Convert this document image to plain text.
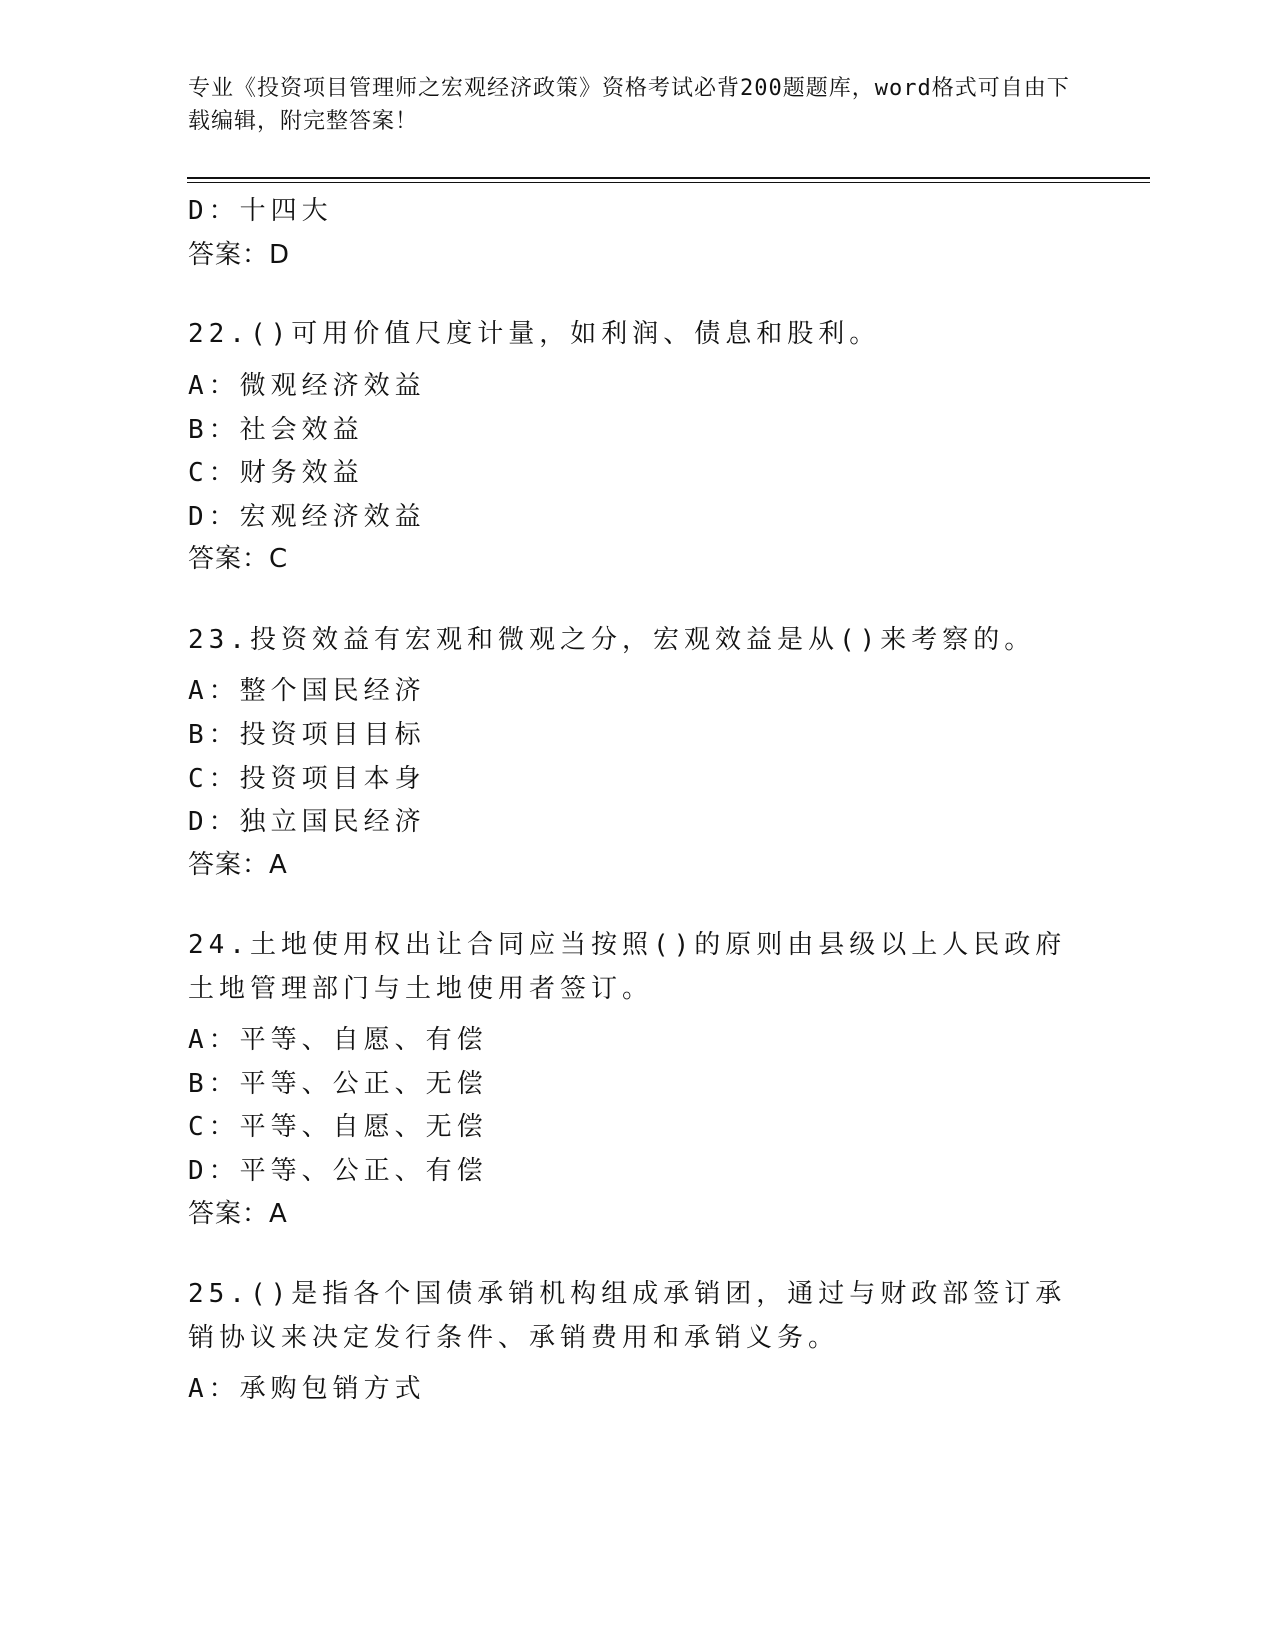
专业《投资项目管理师之宏观经济政策》资格考试必背200题题库，word格式可自由下载编辑，附完整答案！
D：十四大
答案：D
22.()可用价值尺度计量，如利润、债息和股利。
A：微观经济效益
B：社会效益
C：财务效益
D：宏观经济效益
答案：C
23.投资效益有宏观和微观之分，宏观效益是从()来考察的。
A：整个国民经济
B：投资项目目标
C：投资项目本身
D：独立国民经济
答案：A
24.土地使用权出让合同应当按照()的原则由县级以上人民政府土地管理部门与土地使用者签订。
A：平等、自愿、有偿
B：平等、公正、无偿
C：平等、自愿、无偿
D：平等、公正、有偿
答案：A
25.()是指各个国债承销机构组成承销团，通过与财政部签订承销协议来决定发行条件、承销费用和承销义务。
A：承购包销方式
